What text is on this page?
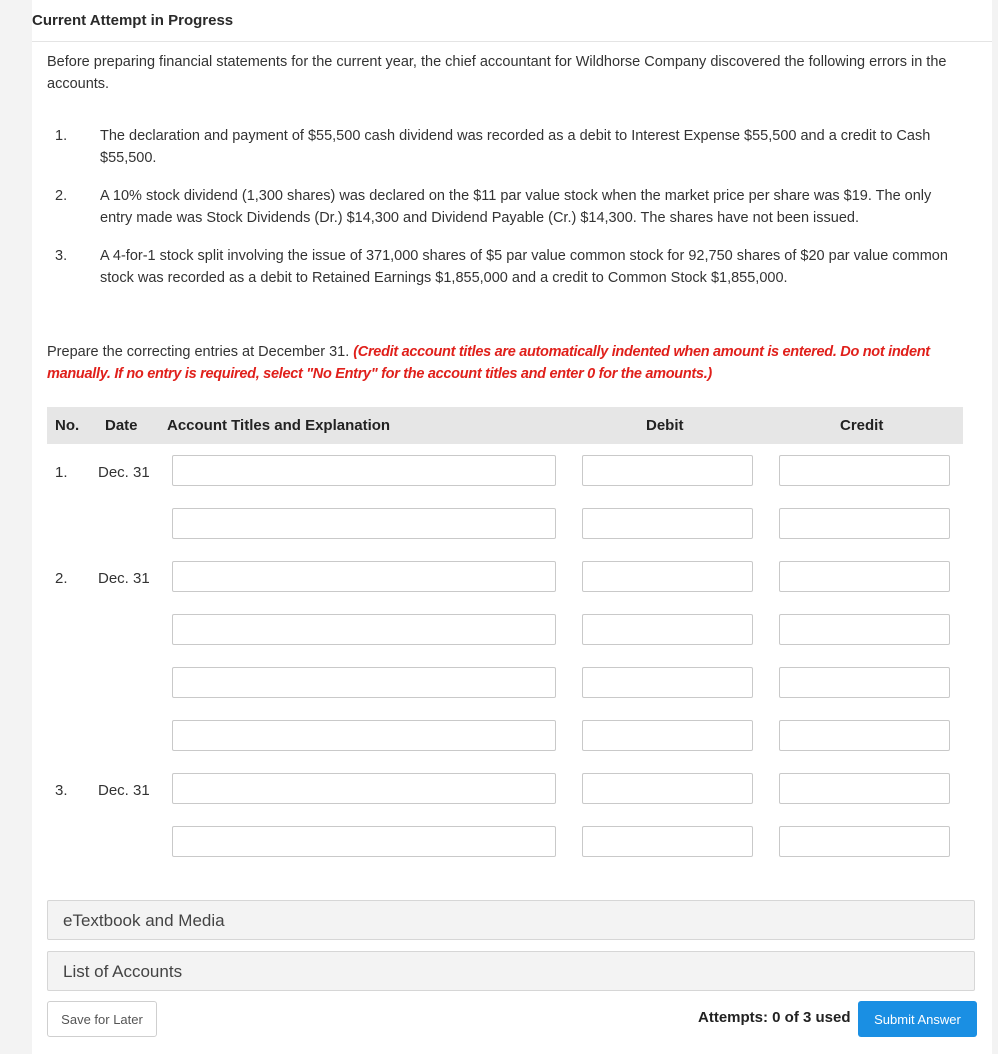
Current Attempt in Progress
Before preparing financial statements for the current year, the chief accountant for Wildhorse Company discovered the following errors in the accounts.
1. The declaration and payment of $55,500 cash dividend was recorded as a debit to Interest Expense $55,500 and a credit to Cash $55,500.
2. A 10% stock dividend (1,300 shares) was declared on the $11 par value stock when the market price per share was $19. The only entry made was Stock Dividends (Dr.) $14,300 and Dividend Payable (Cr.) $14,300. The shares have not been issued.
3. A 4-for-1 stock split involving the issue of 371,000 shares of $5 par value common stock for 92,750 shares of $20 par value common stock was recorded as a debit to Retained Earnings $1,855,000 and a credit to Common Stock $1,855,000.
Prepare the correcting entries at December 31. (Credit account titles are automatically indented when amount is entered. Do not indent manually. If no entry is required, select "No Entry" for the account titles and enter 0 for the amounts.)
No. Date Account Titles and Explanation	Debit	Credit
1. Dec. 31
2. Dec. 31
3. Dec. 31
eTextbook and Media
List of Accounts
Save for Later	Attempts: 0 of 3 used	Submit Answer
